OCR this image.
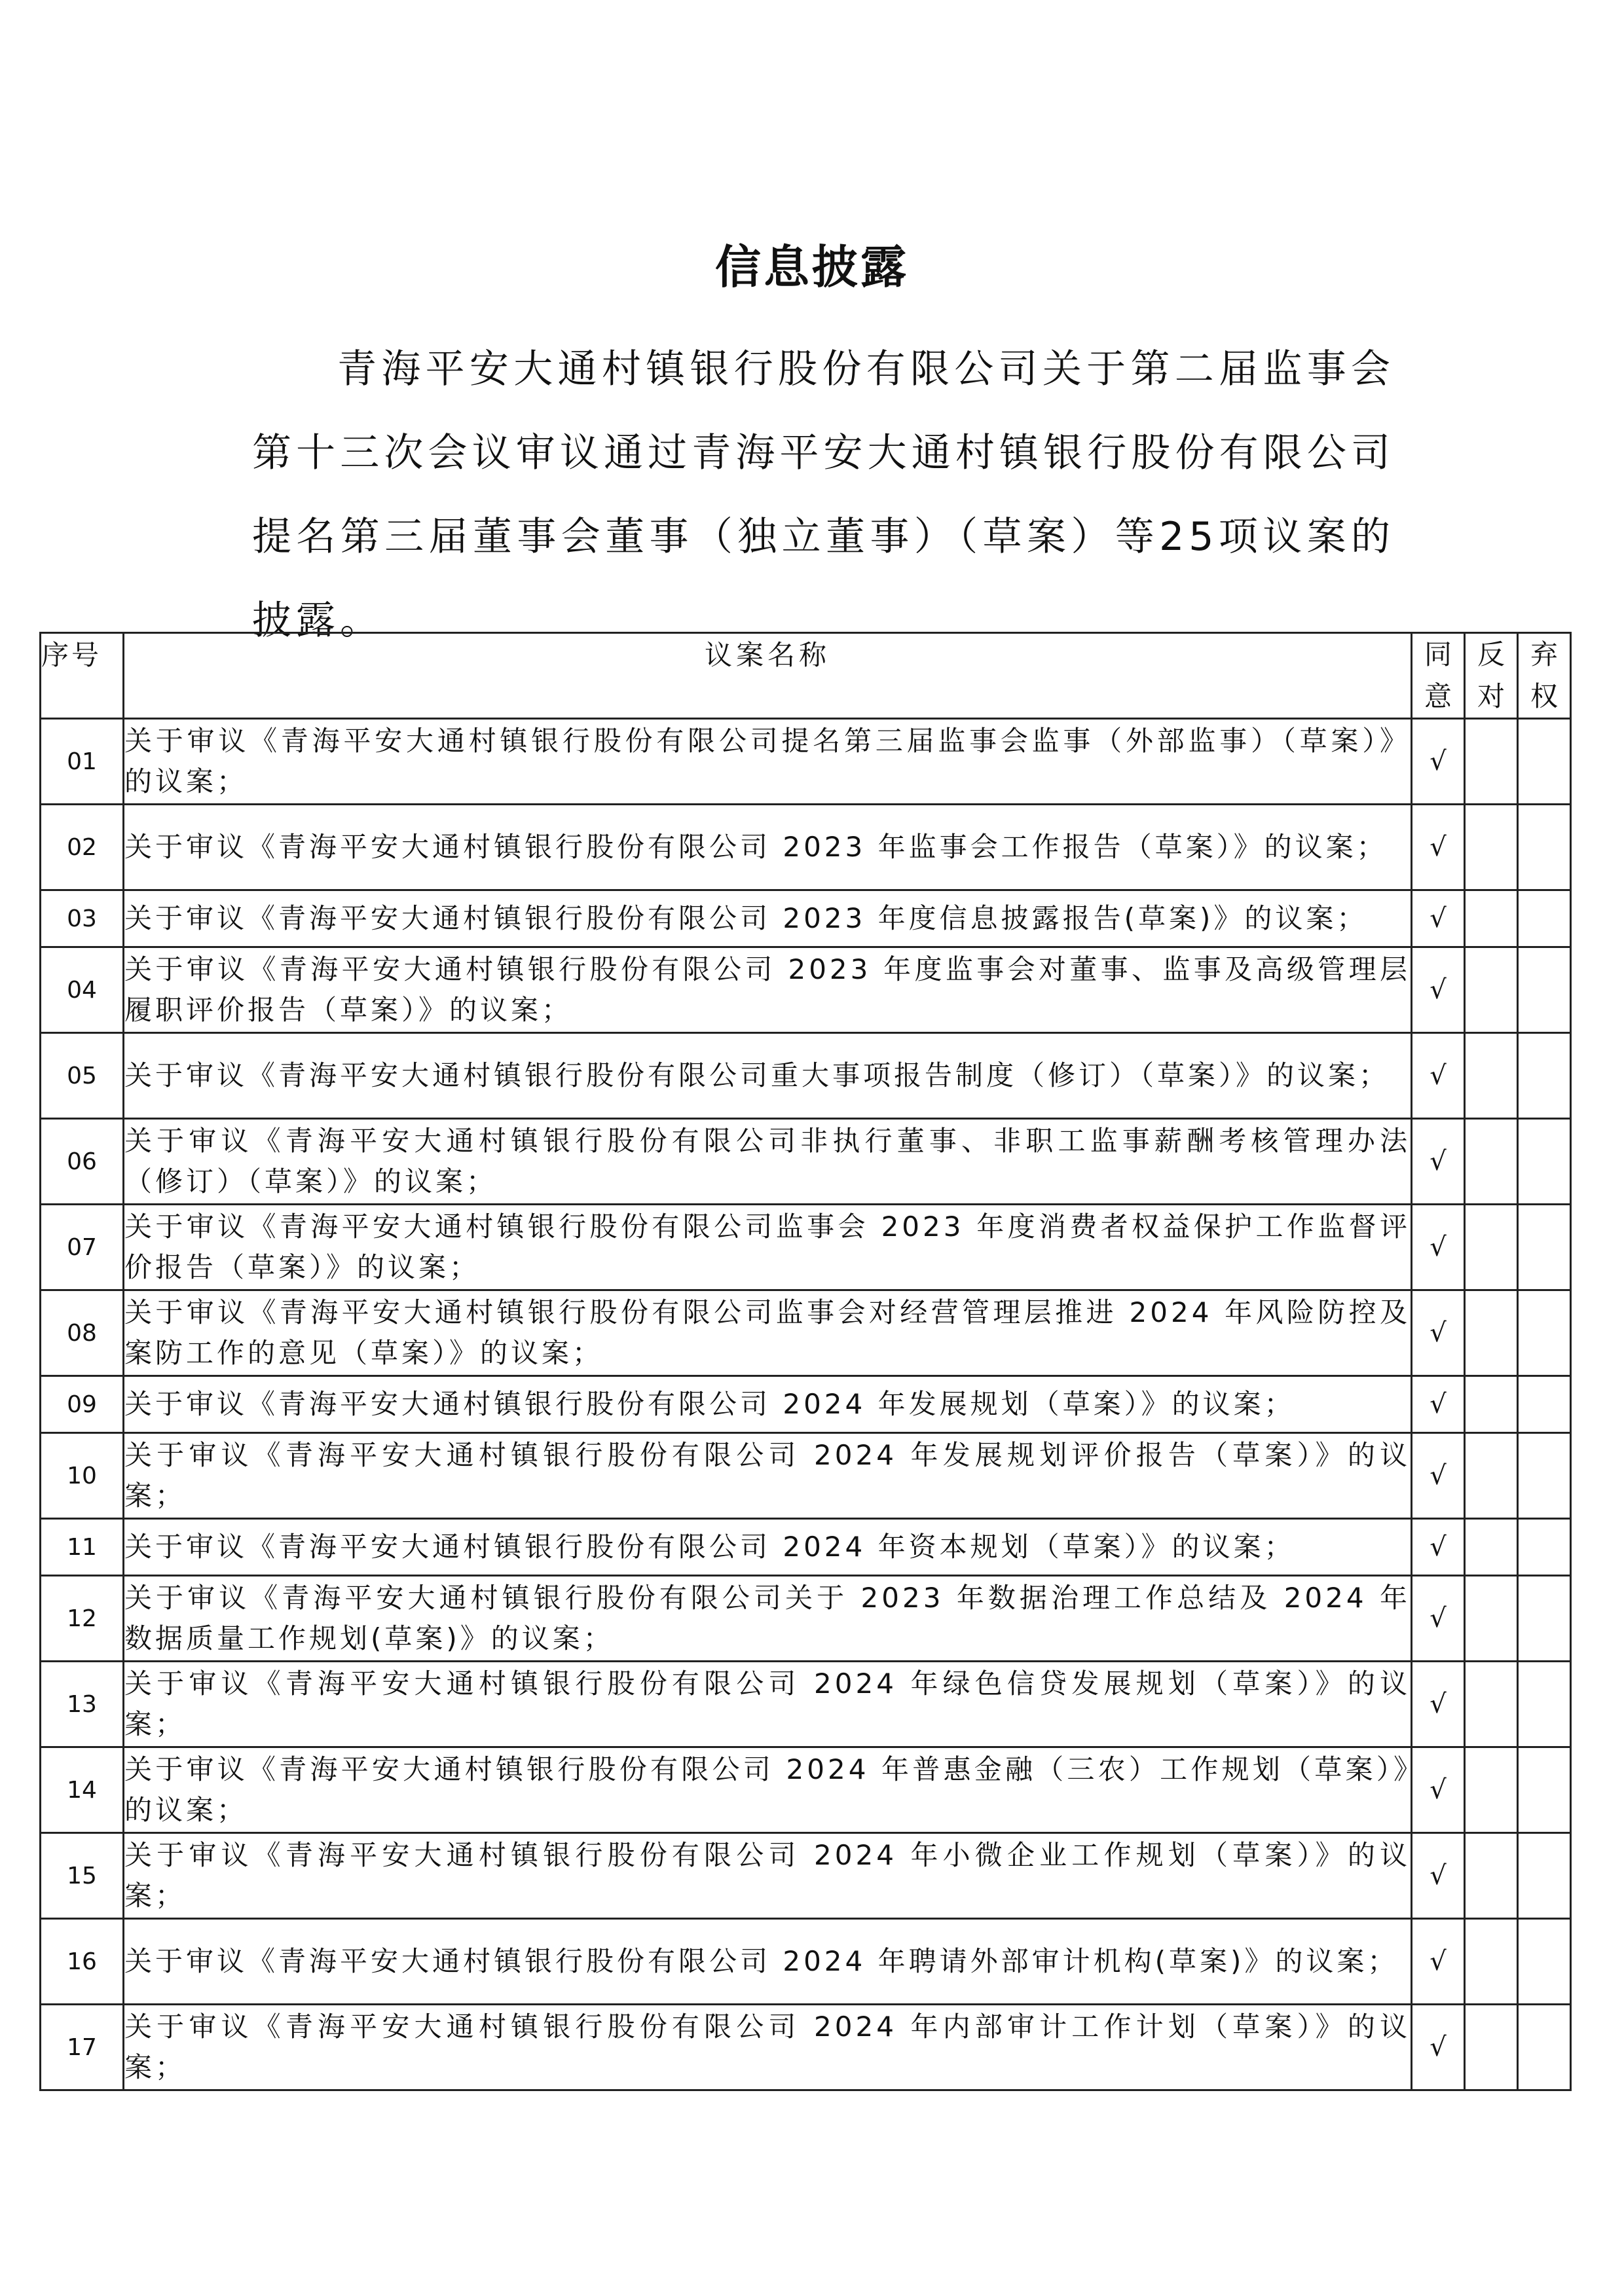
信息披露
青海平安大通村镇银行股份有限公司关于第二届监事会第十三次会议审议通过青海平安大通村镇银行股份有限公司提名第三届董事会董事（独立董事）（草案）等25项议案的披露。
序号	议案名称	同意	反对	弃权
01	关于审议《青海平安大通村镇银行股份有限公司提名第三届监事会监事（外部监事）（草案）》的议案；	√		
02	关于审议《青海平安大通村镇银行股份有限公司 2023 年监事会工作报告（草案）》的议案；	√		
03	关于审议《青海平安大通村镇银行股份有限公司 2023 年度信息披露报告(草案)》的议案；	√		
04	关于审议《青海平安大通村镇银行股份有限公司 2023 年度监事会对董事、监事及高级管理层履职评价报告（草案）》的议案；	√		
05	关于审议《青海平安大通村镇银行股份有限公司重大事项报告制度（修订）（草案）》的议案；	√		
06	关于审议《青海平安大通村镇银行股份有限公司非执行董事、非职工监事薪酬考核管理办法（修订）（草案）》的议案；	√		
07	关于审议《青海平安大通村镇银行股份有限公司监事会 2023 年度消费者权益保护工作监督评价报告（草案）》的议案；	√		
08	关于审议《青海平安大通村镇银行股份有限公司监事会对经营管理层推进 2024 年风险防控及案防工作的意见（草案）》的议案；	√		
09	关于审议《青海平安大通村镇银行股份有限公司 2024 年发展规划（草案）》的议案；	√		
10	关于审议《青海平安大通村镇银行股份有限公司 2024 年发展规划评价报告（草案）》的议案；	√		
11	关于审议《青海平安大通村镇银行股份有限公司 2024 年资本规划（草案）》的议案；	√		
12	关于审议《青海平安大通村镇银行股份有限公司关于 2023 年数据治理工作总结及 2024 年数据质量工作规划(草案)》的议案；	√		
13	关于审议《青海平安大通村镇银行股份有限公司 2024 年绿色信贷发展规划（草案）》的议案；	√		
14	关于审议《青海平安大通村镇银行股份有限公司 2024 年普惠金融（三农）工作规划（草案）》的议案；	√		
15	关于审议《青海平安大通村镇银行股份有限公司 2024 年小微企业工作规划（草案）》的议案；	√		
16	关于审议《青海平安大通村镇银行股份有限公司 2024 年聘请外部审计机构(草案)》的议案；	√		
17	关于审议《青海平安大通村镇银行股份有限公司 2024 年内部审计工作计划（草案）》的议案；	√		
